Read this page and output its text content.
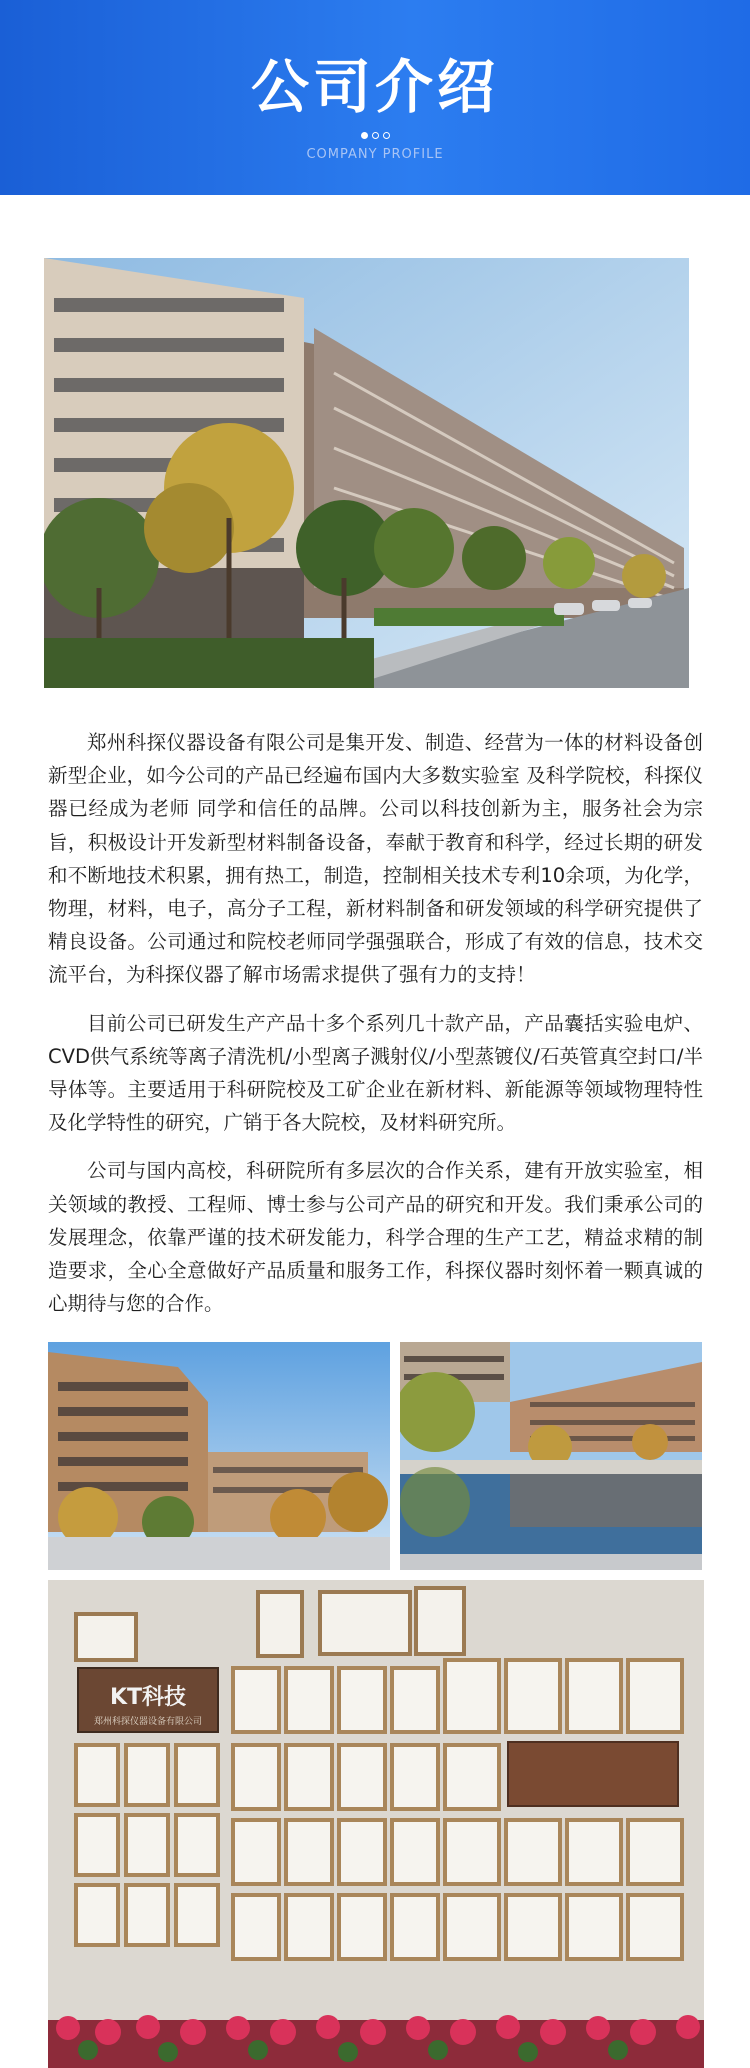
公司介绍
COMPANY PROFILE

郑州科探仪器设备有限公司是集开发、制造、经营为一体的材料设备创新型企业，如今公司的产品已经遍布国内大多数实验室 及科学院校，科探仪器已经成为老师 同学和信任的品牌。公司以科技创新为主，服务社会为宗旨，积极设计开发新型材料制备设备，奉献于教育和科学，经过长期的研发和不断地技术积累，拥有热工，制造，控制相关技术专利10余项，为化学，物理，材料，电子，高分子工程，新材料制备和研发领域的科学研究提供了精良设备。公司通过和院校老师同学强强联合，形成了有效的信息，技术交流平台，为科探仪器了解市场需求提供了强有力的支持！

目前公司已研发生产产品十多个系列几十款产品，产品囊括实验电炉、CVD供气系统等离子清洗机/小型离子溅射仪/小型蒸镀仪/石英管真空封口/半导体等。主要适用于科研院校及工矿企业在新材料、新能源等领域物理特性及化学特性的研究，广销于各大院校，及材料研究所。

公司与国内高校，科研院所有多层次的合作关系，建有开放实验室，相关领域的教授、工程师、博士参与公司产品的研究和开发。我们秉承公司的发展理念，依靠严谨的技术研发能力，科学合理的生产工艺，精益求精的制造要求，全心全意做好产品质量和服务工作，科探仪器时刻怀着一颗真诚的心期待与您的合作。

KT科技
郑州科探仪器设备有限公司
